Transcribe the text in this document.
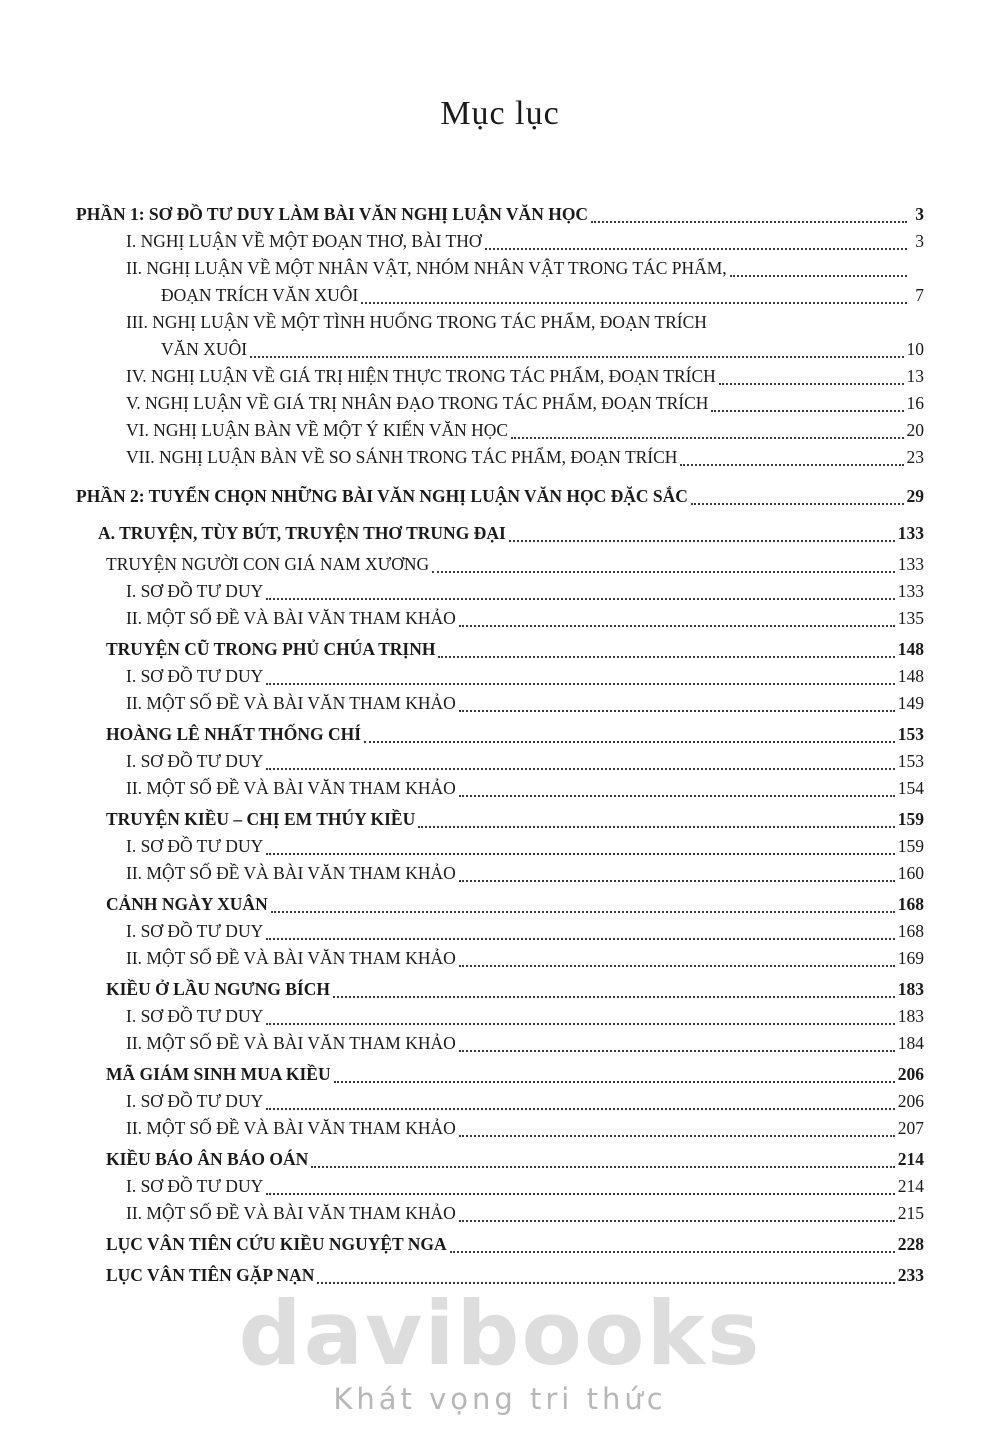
Mục lục
PHẦN 1: SƠ ĐỒ TƯ DUY LÀM BÀI VĂN NGHỊ LUẬN VĂN HỌC	3
I. NGHỊ LUẬN VỀ MỘT ĐOẠN THƠ, BÀI THƠ	3
II. NGHỊ LUẬN VỀ MỘT NHÂN VẬT, NHÓM NHÂN VẬT TRONG TÁC PHẨM,
ĐOẠN TRÍCH VĂN XUÔI	7
III. NGHỊ LUẬN VỀ MỘT TÌNH HUỐNG TRONG TÁC PHẨM, ĐOẠN TRÍCH
VĂN XUÔI	10
IV. NGHỊ LUẬN VỀ GIÁ TRỊ HIỆN THỰC TRONG TÁC PHẨM, ĐOẠN TRÍCH	13
V. NGHỊ LUẬN VỀ GIÁ TRỊ NHÂN ĐẠO TRONG TÁC PHẨM, ĐOẠN TRÍCH	16
VI. NGHỊ LUẬN BÀN VỀ MỘT Ý KIẾN VĂN HỌC	20
VII. NGHỊ LUẬN BÀN VỀ SO SÁNH TRONG TÁC PHẨM, ĐOẠN TRÍCH	23
PHẦN 2: TUYỂN CHỌN NHỮNG BÀI VĂN NGHỊ LUẬN VĂN HỌC ĐẶC SẮC	29
A. TRUYỆN, TÙY BÚT, TRUYỆN THƠ TRUNG ĐẠI	133
TRUYỆN NGƯỜI CON GIÁ NAM XƯƠNG	133
I. SƠ ĐỒ TƯ DUY	133
II. MỘT SỐ ĐỀ VÀ BÀI VĂN THAM KHẢO	135
TRUYỆN CŨ TRONG PHỦ CHÚA TRỊNH	148
I. SƠ ĐỒ TƯ DUY	148
II. MỘT SỐ ĐỀ VÀ BÀI VĂN THAM KHẢO	149
HOÀNG LÊ NHẤT THỐNG CHÍ	153
I. SƠ ĐỒ TƯ DUY	153
II. MỘT SỐ ĐỀ VÀ BÀI VĂN THAM KHẢO	154
TRUYỆN KIỀU – CHỊ EM THÚY KIỀU	159
I. SƠ ĐỒ TƯ DUY	159
II. MỘT SỐ ĐỀ VÀ BÀI VĂN THAM KHẢO	160
CẢNH NGÀY XUÂN	168
I. SƠ ĐỒ TƯ DUY	168
II. MỘT SỐ ĐỀ VÀ BÀI VĂN THAM KHẢO	169
KIỀU Ở LẦU NGƯNG BÍCH	183
I. SƠ ĐỒ TƯ DUY	183
II. MỘT SỐ ĐỀ VÀ BÀI VĂN THAM KHẢO	184
MÃ GIÁM SINH MUA KIỀU	206
I. SƠ ĐỒ TƯ DUY	206
II. MỘT SỐ ĐỀ VÀ BÀI VĂN THAM KHẢO	207
KIỀU BÁO ÂN BÁO OÁN	214
I. SƠ ĐỒ TƯ DUY	214
II. MỘT SỐ ĐỀ VÀ BÀI VĂN THAM KHẢO	215
LỤC VÂN TIÊN CỨU KIỀU NGUYỆT NGA	228
LỤC VÂN TIÊN GẶP NẠN	233
davibooks
Khát vọng tri thức
